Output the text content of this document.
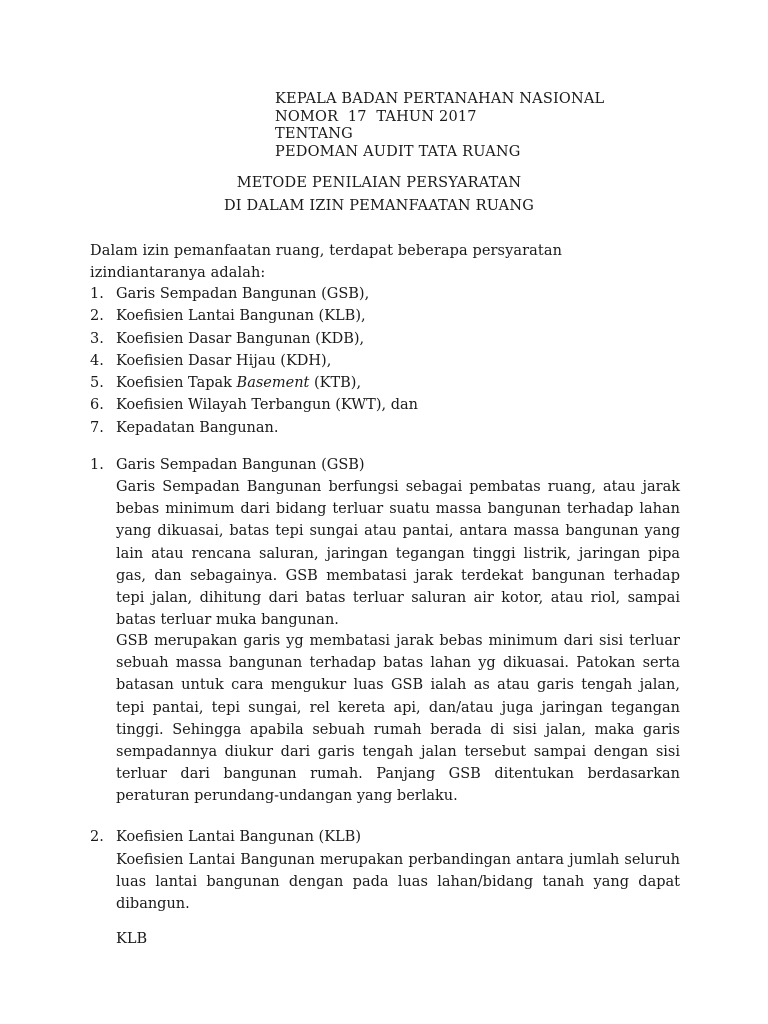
KEPALA BADAN PERTANAHAN NASIONAL
NOMOR  17  TAHUN 2017
TENTANG
PEDOMAN AUDIT TATA RUANG
METODE PENILAIAN PERSYARATAN
DI DALAM IZIN PEMANFAATAN RUANG
Dalam izin pemanfaatan ruang, terdapat beberapa persyaratan izindiantaranya adalah:
1. Garis Sempadan Bangunan (GSB),
2. Koefisien Lantai Bangunan (KLB),
3. Koefisien Dasar Bangunan (KDB),
4. Koefisien Dasar Hijau (KDH),
5. Koefisien Tapak Basement (KTB),
6. Koefisien Wilayah Terbangun (KWT), dan
7. Kepadatan Bangunan.
1. Garis Sempadan Bangunan (GSB)
Garis Sempadan Bangunan berfungsi sebagai pembatas ruang, atau jarak bebas minimum dari bidang terluar suatu massa bangunan terhadap lahan yang dikuasai, batas tepi sungai atau pantai, antara massa bangunan yang lain atau rencana saluran, jaringan tegangan tinggi listrik, jaringan pipa gas, dan sebagainya. GSB membatasi jarak terdekat bangunan terhadap tepi jalan, dihitung dari batas terluar saluran air kotor, atau riol, sampai batas terluar muka bangunan.
GSB merupakan garis yg membatasi jarak bebas minimum dari sisi terluar sebuah massa bangunan terhadap batas lahan yg dikuasai. Patokan serta batasan untuk cara mengukur luas GSB ialah as atau garis tengah jalan, tepi pantai, tepi sungai, rel kereta api, dan/atau juga jaringan tegangan tinggi. Sehingga apabila sebuah rumah berada di sisi jalan, maka garis sempadannya diukur dari garis tengah jalan tersebut sampai dengan sisi terluar dari bangunan rumah. Panjang GSB ditentukan berdasarkan peraturan perundang-undangan yang berlaku.
2. Koefisien Lantai Bangunan (KLB)
Koefisien Lantai Bangunan merupakan perbandingan antara jumlah seluruh luas lantai bangunan dengan pada luas lahan/bidang tanah yang dapat dibangun.
KLB
